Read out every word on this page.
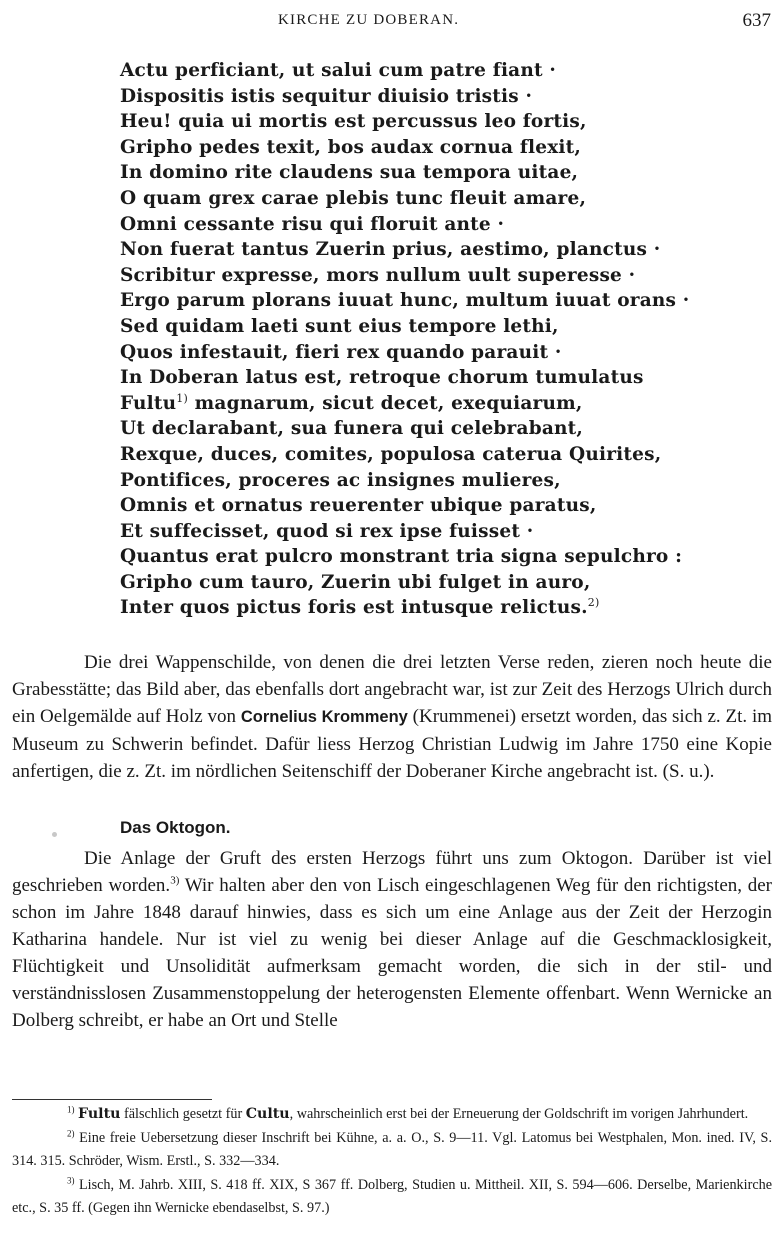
KIRCHE ZU DOBERAN.	637
Actu perficiant, ut salui cum patre fiant ·
Dispositis istis sequitur diuisio tristis ·
Heu! quia ui mortis est percussus leo fortis,
Gripho pedes texit, bos audax cornua flexit,
In domino rite claudens sua tempora uitae,
O quam grex carae plebis tunc fleuit amare,
Omni cessante risu qui floruit ante ·
Non fuerat tantus Zuerin prius, aestimo, planctus ·
Scribitur expresse, mors nullum uult superesse ·
Ergo parum plorans iuuat hunc, multum iuuat orans ·
Sed quidam laeti sunt eius tempore lethi,
Quos infestauit, fieri rex quando parauit ·
In Doberan latus est, retroque chorum tumulatus
Fultu$^{1)}$ magnarum, sicut decet, exequiarum,
Ut declarabant, sua funera qui celebrabant,
Rexque, duces, comites, populosa caterua Quirites,
Pontifices, proceres ac insignes mulieres,
Omnis et ornatus reuerenter ubique paratus,
Et suffecisset, quod si rex ipse fuisset ·
Quantus erat pulcro monstrant tria signa sepulchro :
Gripho cum tauro, Zuerin ubi fulget in auro,
Inter quos pictus foris est intusque relictus.$^{2)}$

Die drei Wappenschilde, von denen die drei letzten Verse reden, zieren noch heute die Grabesstätte; das Bild aber, das ebenfalls dort angebracht war, ist zur Zeit des Herzogs Ulrich durch ein Oelgemälde auf Holz von Cornelius Krommeny (Krummenei) ersetzt worden, das sich z. Zt. im Museum zu Schwerin befindet. Dafür liess Herzog Christian Ludwig im Jahre 1750 eine Kopie anfertigen, die z. Zt. im nördlichen Seitenschiff der Doberaner Kirche angebracht ist. (S. u.).

Das Oktogon.

Die Anlage der Gruft des ersten Herzogs führt uns zum Oktogon. Darüber ist viel geschrieben worden.$^{3)}$ Wir halten aber den von Lisch eingeschlagenen Weg für den richtigsten, der schon im Jahre 1848 darauf hinwies, dass es sich um eine Anlage aus der Zeit der Herzogin Katharina handele. Nur ist viel zu wenig bei dieser Anlage auf die Geschmacklosigkeit, Flüchtigkeit und Unsolidität aufmerksam gemacht worden, die sich in der stil- und verständnisslosen Zusammenstoppelung der heterogensten Elemente offenbart. Wenn Wernicke an Dolberg schreibt, er habe an Ort und Stelle

$^{1)}$ Fultu fälschlich gesetzt für Cultu, wahrscheinlich erst bei der Erneuerung der Goldschrift im vorigen Jahrhundert.

$^{2)}$ Eine freie Uebersetzung dieser Inschrift bei Kühne, a. a. O., S. 9—11. Vgl. Latomus bei Westphalen, Mon. ined. IV, S. 314. 315. Schröder, Wism. Erstl., S. 332—334.

$^{3)}$ Lisch, M. Jahrb. XIII, S. 418 ff. XIX, S 367 ff. Dolberg, Studien u. Mittheil. XII, S. 594—606. Derselbe, Marienkirche etc., S. 35 ff. (Gegen ihn Wernicke ebendaselbst, S. 97.)
